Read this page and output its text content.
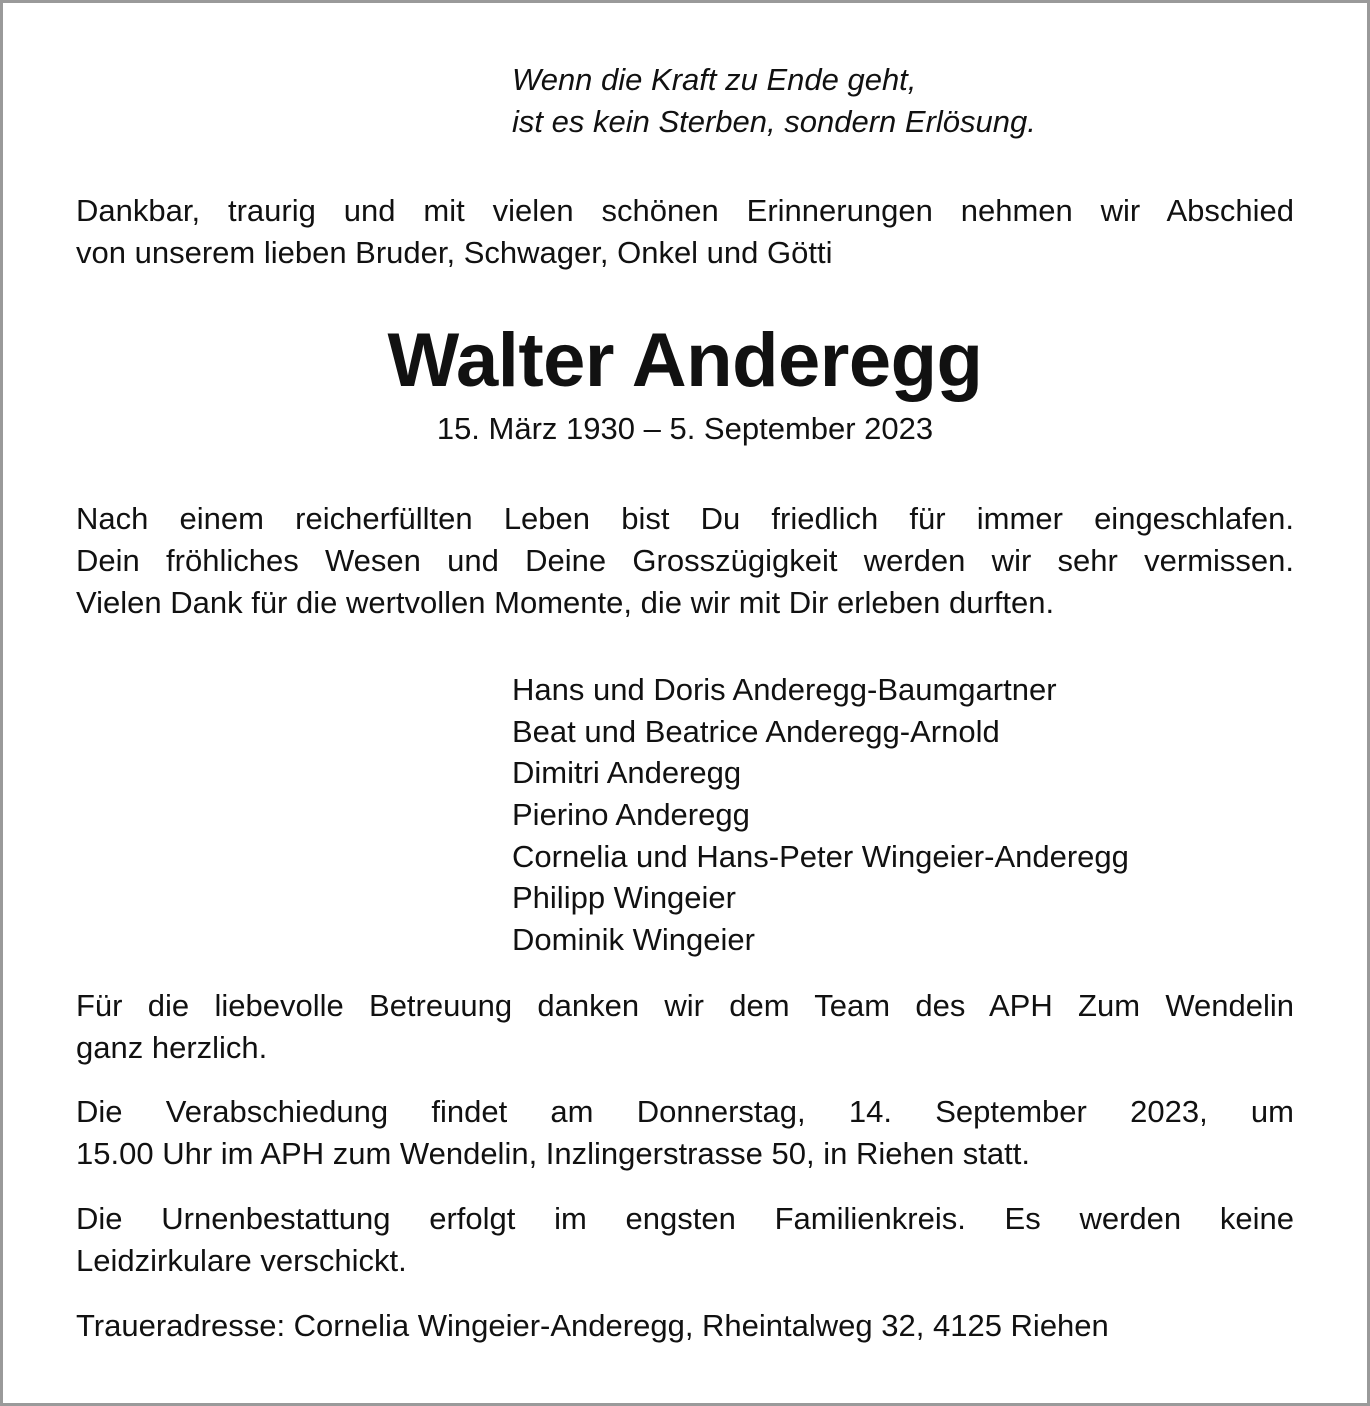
Wenn die Kraft zu Ende geht,
ist es kein Sterben, sondern Erlösung.
Dankbar, traurig und mit vielen schönen Erinnerungen nehmen wir Abschied
von unserem lieben Bruder, Schwager, Onkel und Götti
Walter Anderegg
15. März 1930 – 5. September 2023
Nach einem reicherfüllten Leben bist Du friedlich für immer eingeschlafen.
Dein fröhliches Wesen und Deine Grosszügigkeit werden wir sehr vermissen.
Vielen Dank für die wertvollen Momente, die wir mit Dir erleben durften.
Hans und Doris Anderegg-Baumgartner
Beat und Beatrice Anderegg-Arnold
Dimitri Anderegg
Pierino Anderegg
Cornelia und Hans-Peter Wingeier-Anderegg
Philipp Wingeier
Dominik Wingeier
Für die liebevolle Betreuung danken wir dem Team des APH Zum Wendelin
ganz herzlich.
Die Verabschiedung findet am Donnerstag, 14. September 2023, um
15.00 Uhr im APH zum Wendelin, Inzlingerstrasse 50, in Riehen statt.
Die Urnenbestattung erfolgt im engsten Familienkreis. Es werden keine
Leidzirkulare verschickt.
Traueradresse: Cornelia Wingeier-Anderegg, Rheintalweg 32, 4125 Riehen
